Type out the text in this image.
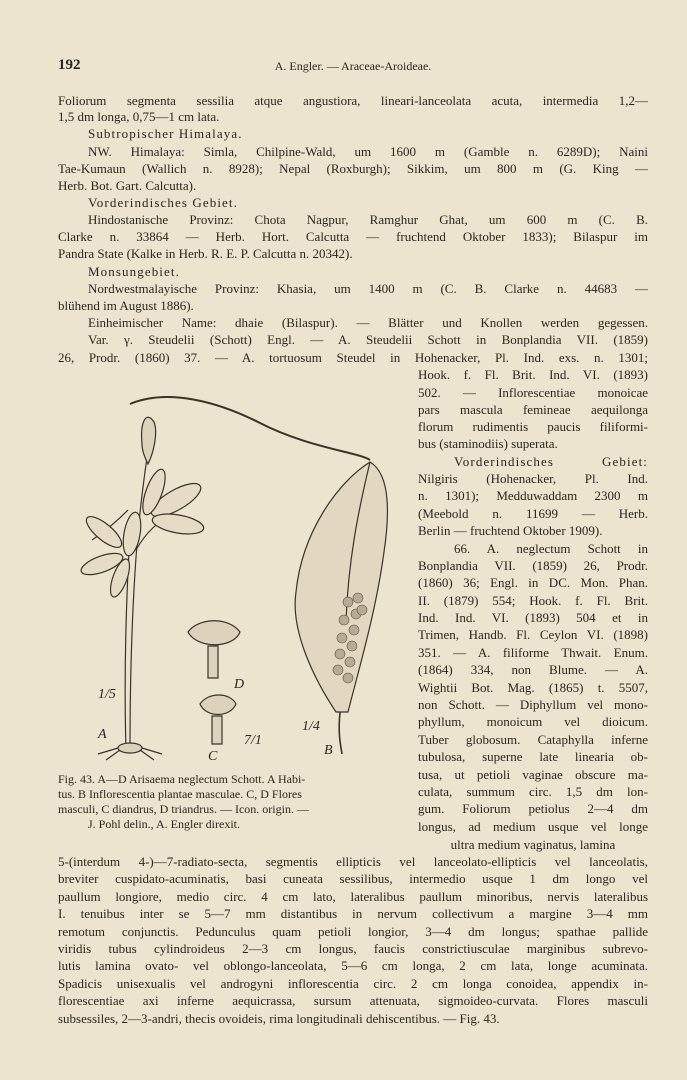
192	A. Engler. — Araceae-Aroideae.
Foliorum segmenta sessilia atque angustiora, lineari-lanceolata acuta, intermedia 1,2—
1,5 dm longa, 0,75—1 cm lata.
Subtropischer Himalaya.
NW. Himalaya: Simla, Chilpine-Wald, um 1600 m (Gamble n. 6289D); Naini
Tae-Kumaun (Wallich n. 8928); Nepal (Roxburgh); Sikkim, um 800 m (G. King —
Herb. Bot. Gart. Calcutta).
Vorderindisches Gebiet.
Hindostanische Provinz: Chota Nagpur, Ramghur Ghat, um 600 m (C. B.
Clarke n. 33864 — Herb. Hort. Calcutta — fruchtend Oktober 1833); Bilaspur im
Pandra State (Kalke in Herb. R. E. P. Calcutta n. 20342).
Monsungebiet.
Nordwestmalayische Provinz: Khasia, um 1400 m (C. B. Clarke n. 44683 —
blühend im August 1886).
Einheimischer Name: dhaie (Bilaspur). — Blätter und Knollen werden gegessen.
Var. γ. Steudelii (Schott) Engl. — A. Steudelii Schott in Bonplandia VII. (1859)
26, Prodr. (1860) 37. — A. tortuosum Steudel in Hohenacker, Pl. Ind. exs. n. 1301;
Hook. f. Fl. Brit. Ind. VI. (1893)
502. — Inflorescentiae monoicae
pars mascula femineae aequilonga
florum rudimentis paucis filiformi-
bus (staminodiis) superata.
Vorderindisches Gebiet:
Nilgiris (Hohenacker, Pl. Ind.
n. 1301); Medduwaddam 2300 m
(Meebold n. 11699 — Herb.
Berlin — fruchtend Oktober 1909).
66. A. neglectum Schott in
Bonplandia VII. (1859) 26, Prodr.
(1860) 36; Engl. in DC. Mon. Phan.
II. (1879) 554; Hook. f. Fl. Brit.
Ind. Ind. VI. (1893) 504 et in
Trimen, Handb. Fl. Ceylon VI. (1898)
351. — A. filiforme Thwait. Enum.
(1864) 334, non Blume. — A.
Wightii Bot. Mag. (1865) t. 5507,
non Schott. — Diphyllum vel mono-
phyllum, monoicum vel dioicum.
Tuber globosum. Cataphylla inferne
tubulosa, superne late linearia ob-
tusa, ut petioli vaginae obscure ma-
culata, summum circ. 1,5 dm lon-
gum. Foliorum petiolus 2—4 dm
longus, ad medium usque vel longe
ultra medium vaginatus, lamina
1/5
A
D
7/1
C
1/4
B
Fig. 43. A—D Arisaema neglectum Schott. A Habi-
tus. B Inflorescentia plantae masculae. C, D Flores
masculi, C diandrus, D triandrus. — Icon. origin. —
J. Pohl delin., A. Engler direxit.
5-(interdum 4-)—7-radiato-secta, segmentis ellipticis vel lanceolato-ellipticis vel lanceolatis,
breviter cuspidato-acuminatis, basi cuneata sessilibus, intermedio usque 1 dm longo vel
paullum longiore, medio circ. 4 cm lato, lateralibus paullum minoribus, nervis lateralibus
I. tenuibus inter se 5—7 mm distantibus in nervum collectivum a margine 3—4 mm
remotum conjunctis. Pedunculus quam petioli longior, 3—4 dm longus; spathae pallide
viridis tubus cylindroideus 2—3 cm longus, faucis constrictiusculae marginibus subrevo-
lutis lamina ovato- vel oblongo-lanceolata, 5—6 cm longa, 2 cm lata, longe acuminata.
Spadicis unisexualis vel androgyni inflorescentia circ. 2 cm longa conoidea, appendix in-
florescentiae axi inferne aequicrassa, sursum attenuata, sigmoideo-curvata. Flores masculi
subsessiles, 2—3-andri, thecis ovoideis, rima longitudinali dehiscentibus. — Fig. 43.
